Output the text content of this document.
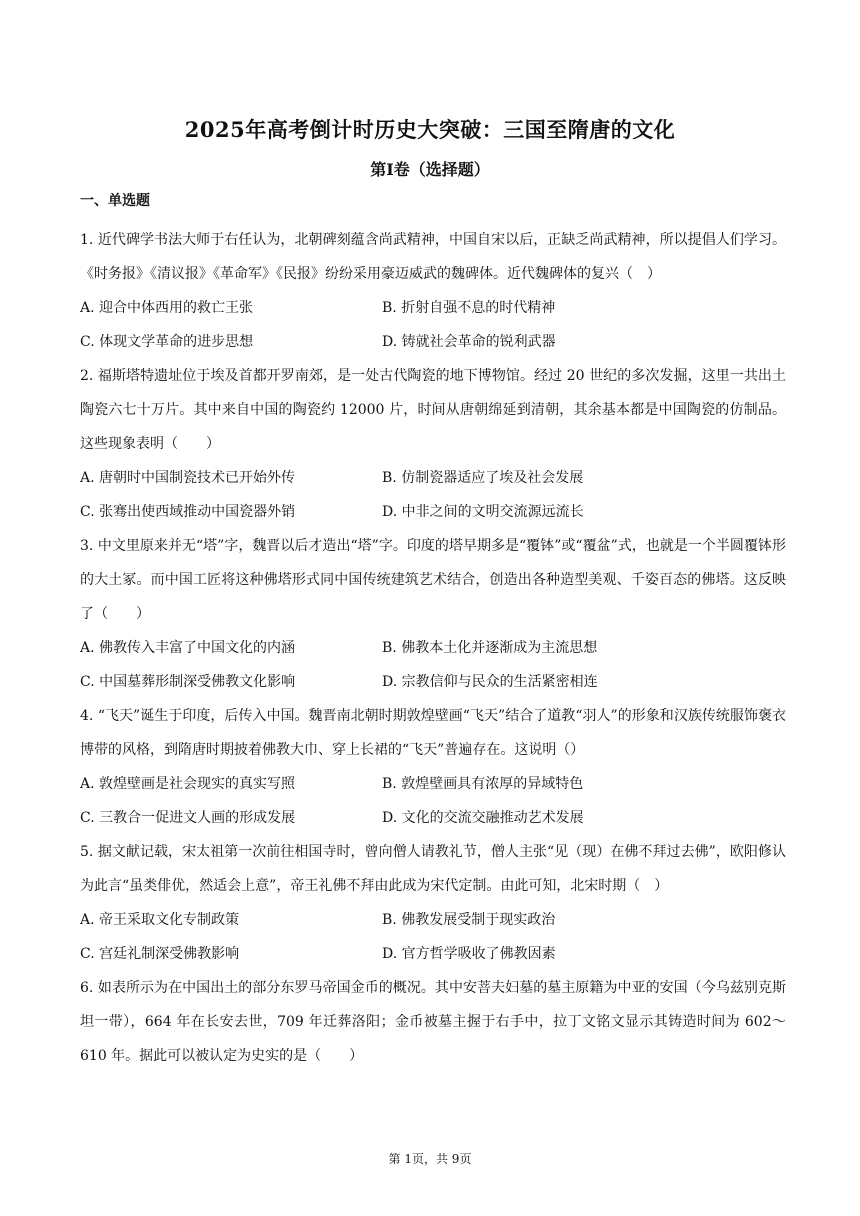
2025年高考倒计时历史大突破：三国至隋唐的文化
第I卷（选择题）
一、单选题
1. 近代碑学书法大师于右任认为，北朝碑刻蕴含尚武精神，中国自宋以后，正缺乏尚武精神，所以提倡人们学习。《时务报》《清议报》《革命军》《民报》纷纷采用豪迈威武的魏碑体。近代魏碑体的复兴（　）
A. 迎合中体西用的救亡王张	B. 折射自强不息的时代精神
C. 体现文学革命的进步思想	D. 铸就社会革命的锐利武器
2. 福斯塔特遗址位于埃及首都开罗南郊，是一处古代陶瓷的地下博物馆。经过 20 世纪的多次发掘，这里一共出土陶瓷六七十万片。其中来自中国的陶瓷约 12000 片，时间从唐朝绵延到清朝，其余基本都是中国陶瓷的仿制品。这些现象表明（　　）
A. 唐朝时中国制瓷技术已开始外传	B. 仿制瓷器适应了埃及社会发展
C. 张骞出使西域推动中国瓷器外销	D. 中非之间的文明交流源远流长
3. 中文里原来并无“塔”字，魏晋以后才造出“塔”字。印度的塔早期多是“覆钵”或“覆盆”式，也就是一个半圆覆钵形的大土冢。而中国工匠将这种佛塔形式同中国传统建筑艺术结合，创造出各种造型美观、千姿百态的佛塔。这反映了（　　）
A. 佛教传入丰富了中国文化的内涵	B. 佛教本土化并逐渐成为主流思想
C. 中国墓葬形制深受佛教文化影响	D. 宗教信仰与民众的生活紧密相连
4. “飞天”诞生于印度，后传入中国。魏晋南北朝时期敦煌壁画“飞天”结合了道教“羽人”的形象和汉族传统服饰褒衣博带的风格，到隋唐时期披着佛教大巾、穿上长裙的“飞天”普遍存在。这说明（）
A. 敦煌壁画是社会现实的真实写照	B. 敦煌壁画具有浓厚的异域特色
C. 三教合一促进文人画的形成发展	D. 文化的交流交融推动艺术发展
5. 据文献记载，宋太祖第一次前往相国寺时，曾向僧人请教礼节，僧人主张“见（现）在佛不拜过去佛”，欧阳修认为此言“虽类俳优，然适会上意”，帝王礼佛不拜由此成为宋代定制。由此可知，北宋时期（　）
A. 帝王采取文化专制政策	B. 佛教发展受制于现实政治
C. 宫廷礼制深受佛教影响	D. 官方哲学吸收了佛教因素
6. 如表所示为在中国出土的部分东罗马帝国金币的概况。其中安菩夫妇墓的墓主原籍为中亚的安国（今乌兹别克斯坦一带），664 年在长安去世，709 年迁葬洛阳；金币被墓主握于右手中，拉丁文铭文显示其铸造时间为 602～610 年。据此可以被认定为史实的是（　　）
第 1页，共 9页
